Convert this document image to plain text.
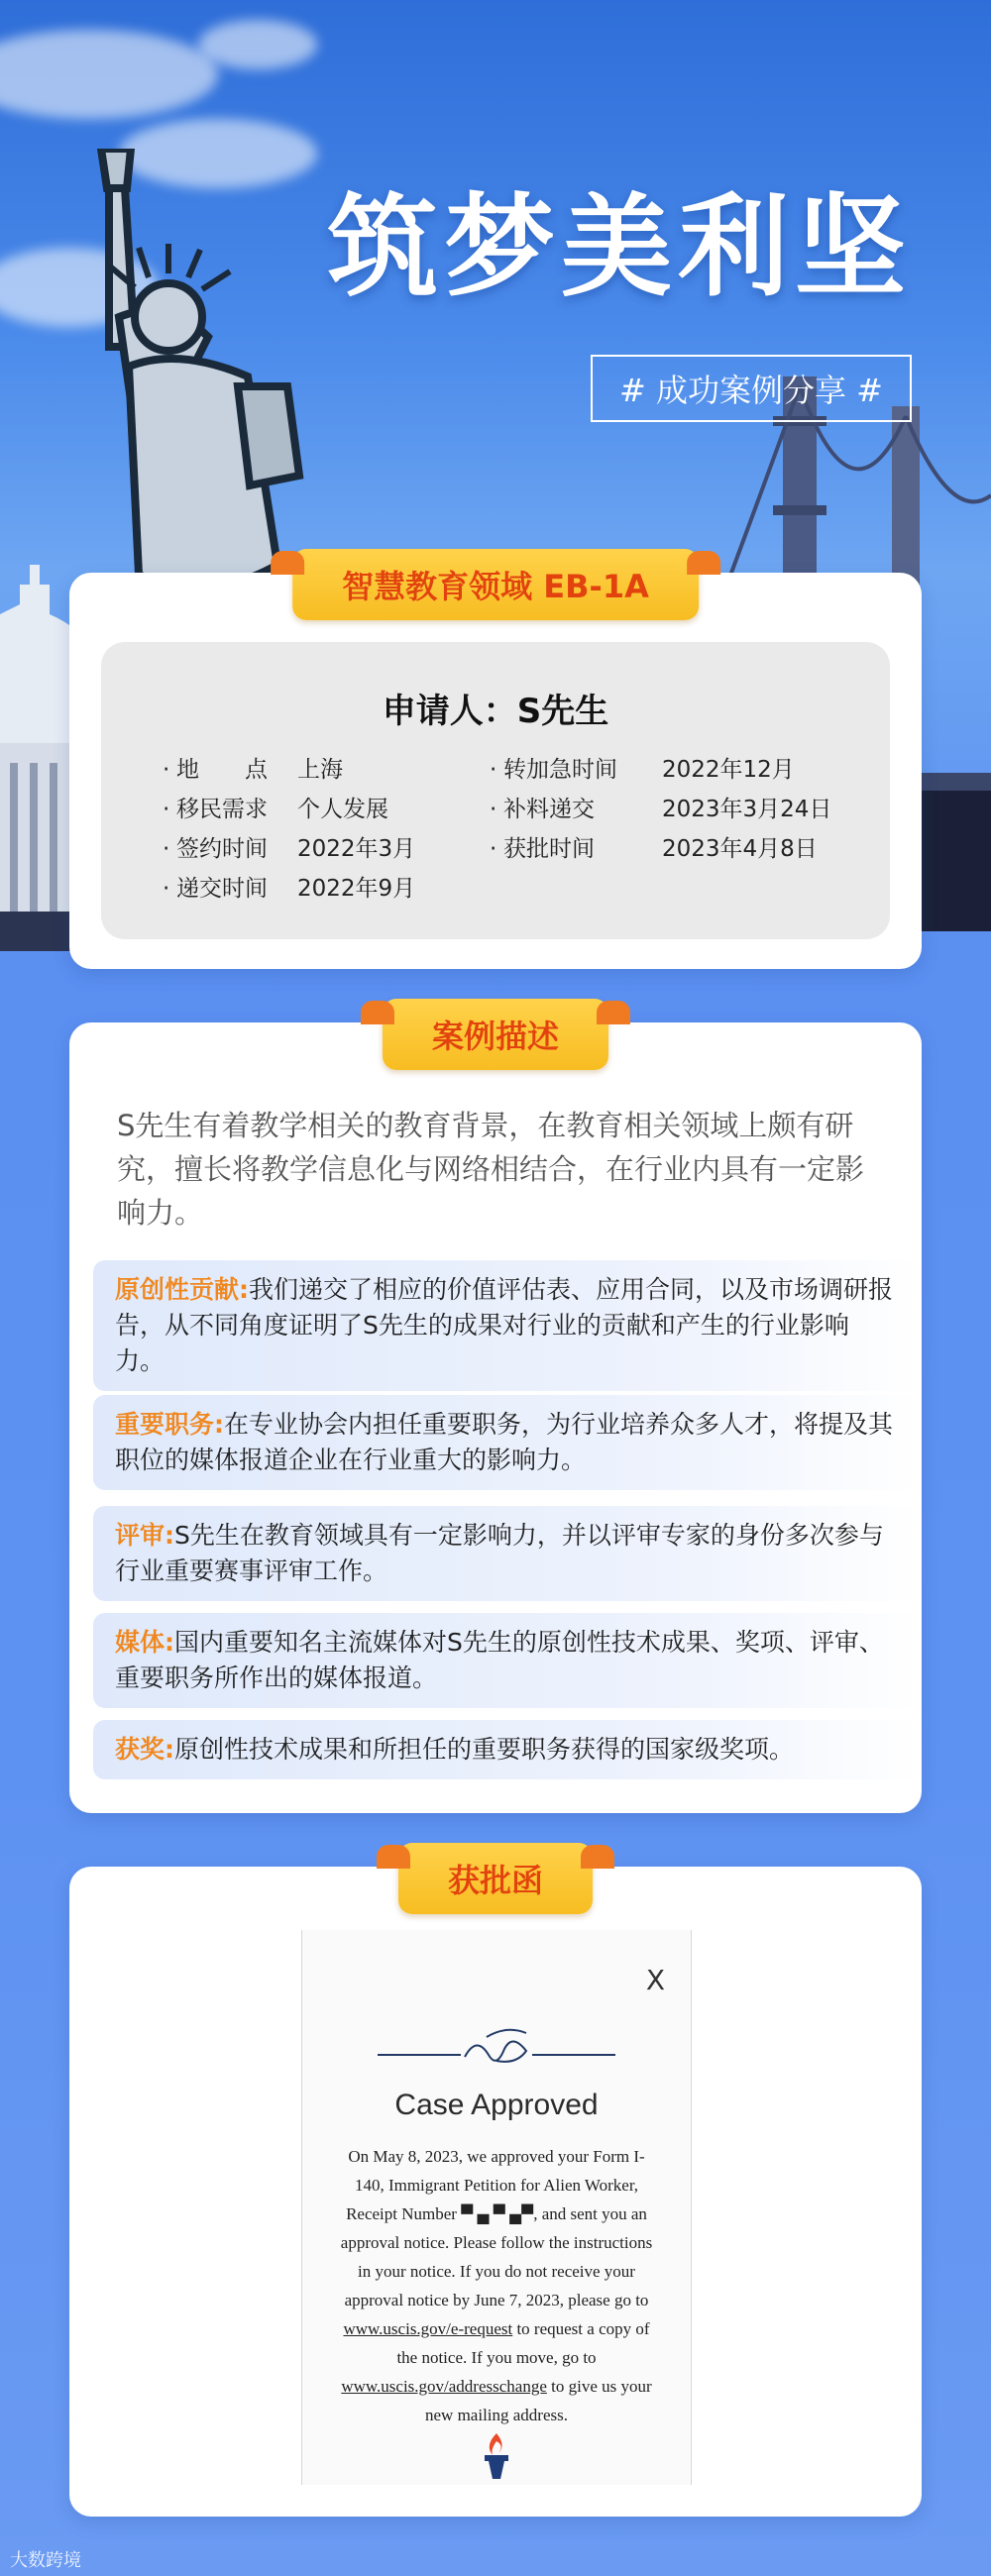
筑梦美利坚
# 成功案例分享 #
智慧教育领域 EB-1A
申请人：S先生
· 地　　点 上海
· 移民需求 个人发展
· 签约时间 2022年3月
· 递交时间 2022年9月
· 转加急时间 2022年12月
· 补料递交	2023年3月24日
· 获批时间	2023年4月8日
案例描述
S先生有着教学相关的教育背景，在教育相关领域上颇有研究，擅长将教学信息化与网络相结合，在行业内具有一定影响力。
原创性贡献:我们递交了相应的价值评估表、应用合同，以及市场调研报告，从不同角度证明了S先生的成果对行业的贡献和产生的行业影响力。
重要职务:在专业协会内担任重要职务，为行业培养众多人才，将提及其职位的媒体报道企业在行业重大的影响力。
评审:S先生在教育领域具有一定影响力，并以评审专家的身份多次参与行业重要赛事评审工作。
媒体:国内重要知名主流媒体对S先生的原创性技术成果、奖项、评审、重要职务所作出的媒体报道。
获奖:原创性技术成果和所担任的重要职务获得的国家级奖项。
获批函
X
Case Approved
On May 8, 2023, we approved your Form I-140, Immigrant Petition for Alien Worker, Receipt Number ▀ ▄ ▀ ▄▀, and sent you an approval notice. Please follow the instructions in your notice. If you do not receive your approval notice by June 7, 2023, please go to www.uscis.gov/e-request to request a copy of the notice. If you move, go to www.uscis.gov/addresschange to give us your new mailing address.
大数跨境
